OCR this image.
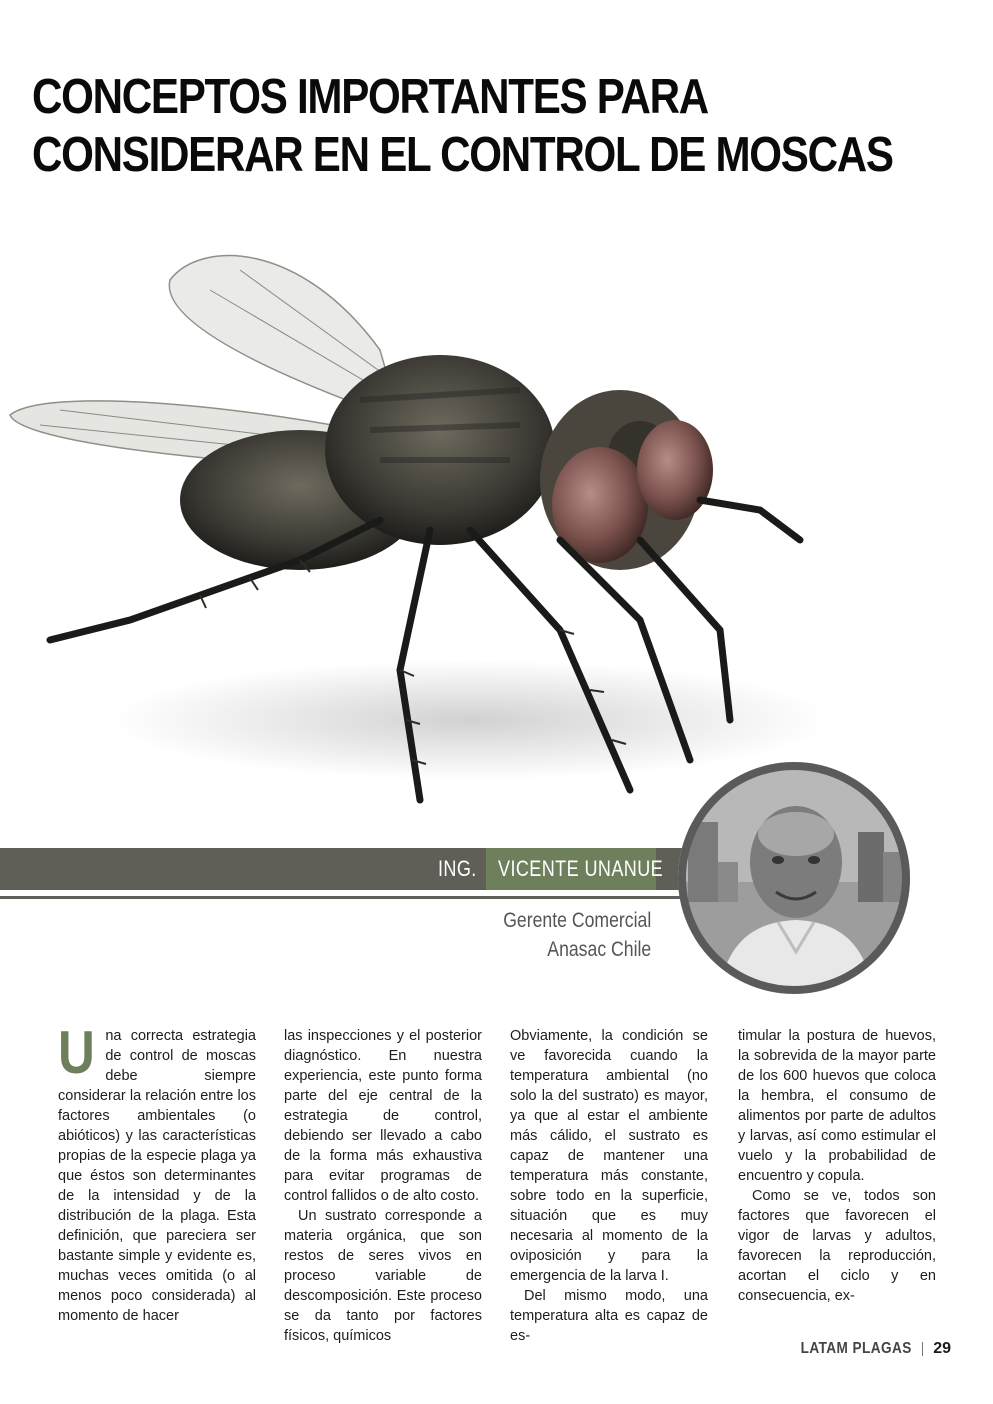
CONCEPTOS IMPORTANTES PARA
CONSIDERAR EN EL CONTROL DE MOSCAS
ING. VICENTE UNANUE
Gerente Comercial
Anasac Chile
U na correcta estrategia de control de moscas debe siempre considerar la relación entre los factores ambientales (o abióticos) y las características propias de la especie plaga ya que éstos son determinantes de la intensidad y de la distribución de la plaga. Esta definición, que pareciera ser bastante simple y evidente es, muchas veces omitida (o al menos poco considerada) al momento de hacer

las inspecciones y el posterior diagnóstico. En nuestra experiencia, este punto forma parte del eje central de la estrategia de control, debiendo ser llevado a cabo de la forma más exhaustiva para evitar programas de control fallidos o de alto costo.

Un sustrato corresponde a materia orgánica, que son restos de seres vivos en proceso variable de descomposición. Este proceso se da tanto por factores físicos, químicos

Obviamente, la condición se ve favorecida cuando la temperatura ambiental (no solo la del sustrato) es mayor, ya que al estar el ambiente más cálido, el sustrato es capaz de mantener una temperatura más constante, sobre todo en la superficie, situación que es muy necesaria al momento de la oviposición y para la emergencia de la larva I.

Del mismo modo, una temperatura alta es capaz de es-

timular la postura de huevos, la sobrevida de la mayor parte de los 600 huevos que coloca la hembra, el consumo de alimentos por parte de adultos y larvas, así como estimular el vuelo y la probabilidad de encuentro y copula.

Como se ve, todos son factores que favorecen el vigor de larvas y adultos, favorecen la reproducción, acortan el ciclo y en consecuencia, ex-

LATAM PLAGAS 29
